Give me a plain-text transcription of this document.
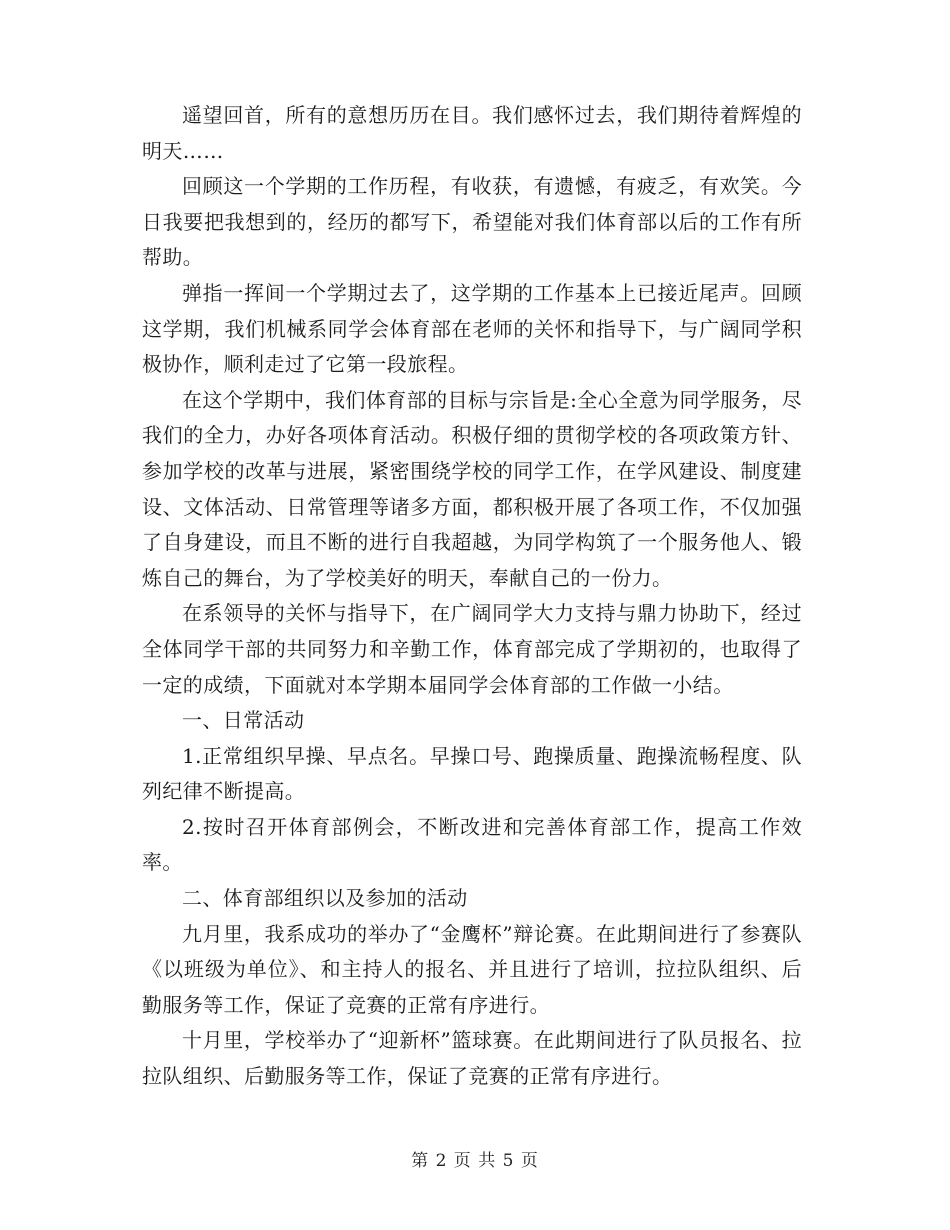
遥望回首，所有的意想历历在目。我们感怀过去，我们期待着辉煌的明天……

回顾这一个学期的工作历程，有收获，有遗憾，有疲乏，有欢笑。今日我要把我想到的，经历的都写下，希望能对我们体育部以后的工作有所帮助。

弹指一挥间一个学期过去了，这学期的工作基本上已接近尾声。回顾这学期，我们机械系同学会体育部在老师的关怀和指导下，与广阔同学积极协作，顺利走过了它第一段旅程。

在这个学期中，我们体育部的目标与宗旨是:全心全意为同学服务，尽我们的全力，办好各项体育活动。积极仔细的贯彻学校的各项政策方针、参加学校的改革与进展，紧密围绕学校的同学工作，在学风建设、制度建设、文体活动、日常管理等诸多方面，都积极开展了各项工作，不仅加强了自身建设，而且不断的进行自我超越，为同学构筑了一个服务他人、锻炼自己的舞台，为了学校美好的明天，奉献自己的一份力。

在系领导的关怀与指导下，在广阔同学大力支持与鼎力协助下，经过全体同学干部的共同努力和辛勤工作，体育部完成了学期初的，也取得了一定的成绩，下面就对本学期本届同学会体育部的工作做一小结。

一、日常活动

1.正常组织早操、早点名。早操口号、跑操质量、跑操流畅程度、队列纪律不断提高。

2.按时召开体育部例会，不断改进和完善体育部工作，提高工作效率。

二、体育部组织以及参加的活动

九月里，我系成功的举办了“金鹰杯”辩论赛。在此期间进行了参赛队《以班级为单位》、和主持人的报名、并且进行了培训，拉拉队组织、后勤服务等工作，保证了竞赛的正常有序进行。

十月里，学校举办了“迎新杯”篮球赛。在此期间进行了队员报名、拉拉队组织、后勤服务等工作，保证了竞赛的正常有序进行。

第 2 页 共 5 页
